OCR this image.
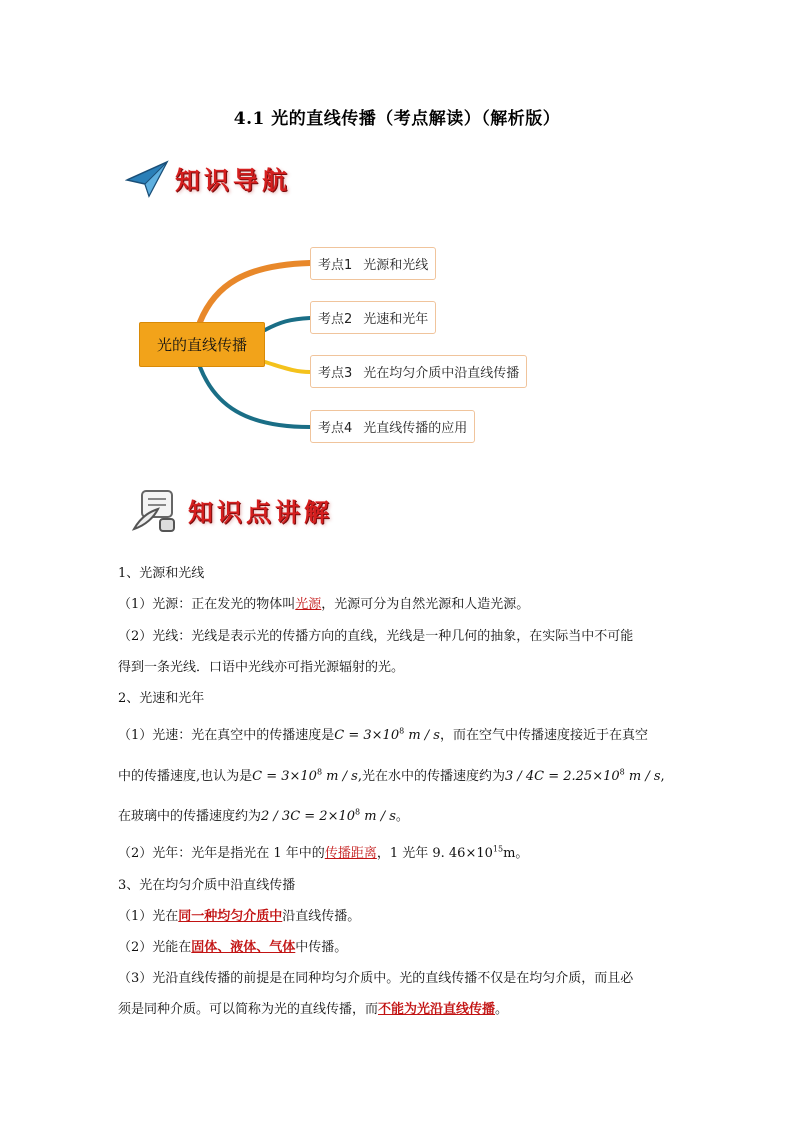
4.1 光的直线传播（考点解读）（解析版）
知识导航
光的直线传播
考点1 光源和光线
考点2 光速和光年
考点3 光在均匀介质中沿直线传播
考点4 光直线传播的应用
知识点讲解
1、光源和光线
（1）光源：正在发光的物体叫光源，光源可分为自然光源和人造光源。
（2）光线：光线是表示光的传播方向的直线，光线是一种几何的抽象，在实际当中不可能
得到一条光线．口语中光线亦可指光源辐射的光。
2、光速和光年
（1）光速：光在真空中的传播速度是$C = 3\times 10^8$ m / s，而在空气中传播速度接近于在真空
中的传播速度,也认为是$C = 3\times 10^8$ m / s,光在水中的传播速度约为$3 / 4C = 2.25\times 10^8$ m / s,
在玻璃中的传播速度约为$2 / 3C = 2\times 10^8$ m / s。
（2）光年：光年是指光在 1 年中的传播距离，1 光年 9. $46\times 10^{15}m$。
3、光在均匀介质中沿直线传播
（1）光在同一种均匀介质中沿直线传播。
（2）光能在固体、液体、气体中传播。
（3）光沿直线传播的前提是在同种均匀介质中。光的直线传播不仅是在均匀介质，而且必
须是同种介质。可以简称为光的直线传播，而不能为光沿直线传播。
